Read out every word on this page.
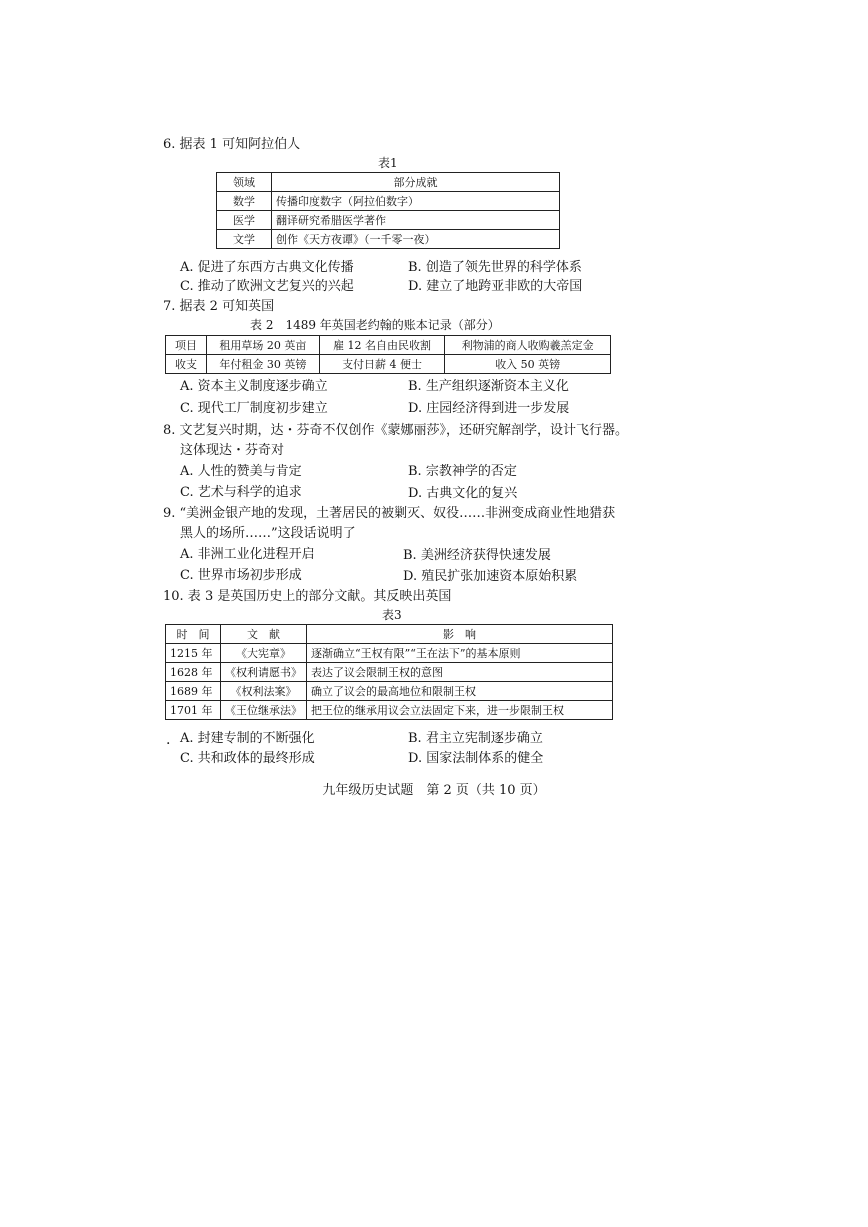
6. 据表 1 可知阿拉伯人
表1
领域	部分成就
数学	传播印度数字（阿拉伯数字）
医学	翻译研究希腊医学著作
文学	创作《天方夜谭》（一千零一夜）
A. 促进了东西方古典文化传播	B. 创造了领先世界的科学体系
C. 推动了欧洲文艺复兴的兴起	D. 建立了地跨亚非欧的大帝国
7. 据表 2 可知英国
表 2　1489 年英国老约翰的账本记录（部分）
项目	租用草场 20 英亩	雇 12 名自由民收割	利物浦的商人收购羲羔定金
收支	年付租金 30 英镑	支付日薪 4 便士	收入 50 英镑
A. 资本主义制度逐步确立	B. 生产组织逐渐资本主义化
C. 现代工厂制度初步建立	D. 庄园经济得到进一步发展
8. 文艺复兴时期，达・芬奇不仅创作《蒙娜丽莎》，还研究解剖学，设计飞行器。
这体现达・芬奇对
A. 人性的赞美与肯定	B. 宗教神学的否定
C. 艺术与科学的追求	D. 古典文化的复兴
9. “美洲金银产地的发现，土著居民的被剿灭、奴役……非洲变成商业性地猎获
黑人的场所……”这段话说明了
A. 非洲工业化进程开启	B. 美洲经济获得快速发展
C. 世界市场初步形成	D. 殖民扩张加速资本原始积累
10. 表 3 是英国历史上的部分文献。其反映出英国
表3
时　间	文　献	影　响
1215 年	《大宪章》	逐渐确立“王权有限”“王在法下”的基本原则
1628 年	《权利请愿书》	表达了议会限制王权的意图
1689 年	《权利法案》	确立了议会的最高地位和限制王权
1701 年	《王位继承法》	把王位的继承用议会立法固定下来，进一步限制王权
. A. 封建专制的不断强化	B. 君主立宪制逐步确立
C. 共和政体的最终形成	D. 国家法制体系的健全
九年级历史试题　第 2 页（共 10 页）
